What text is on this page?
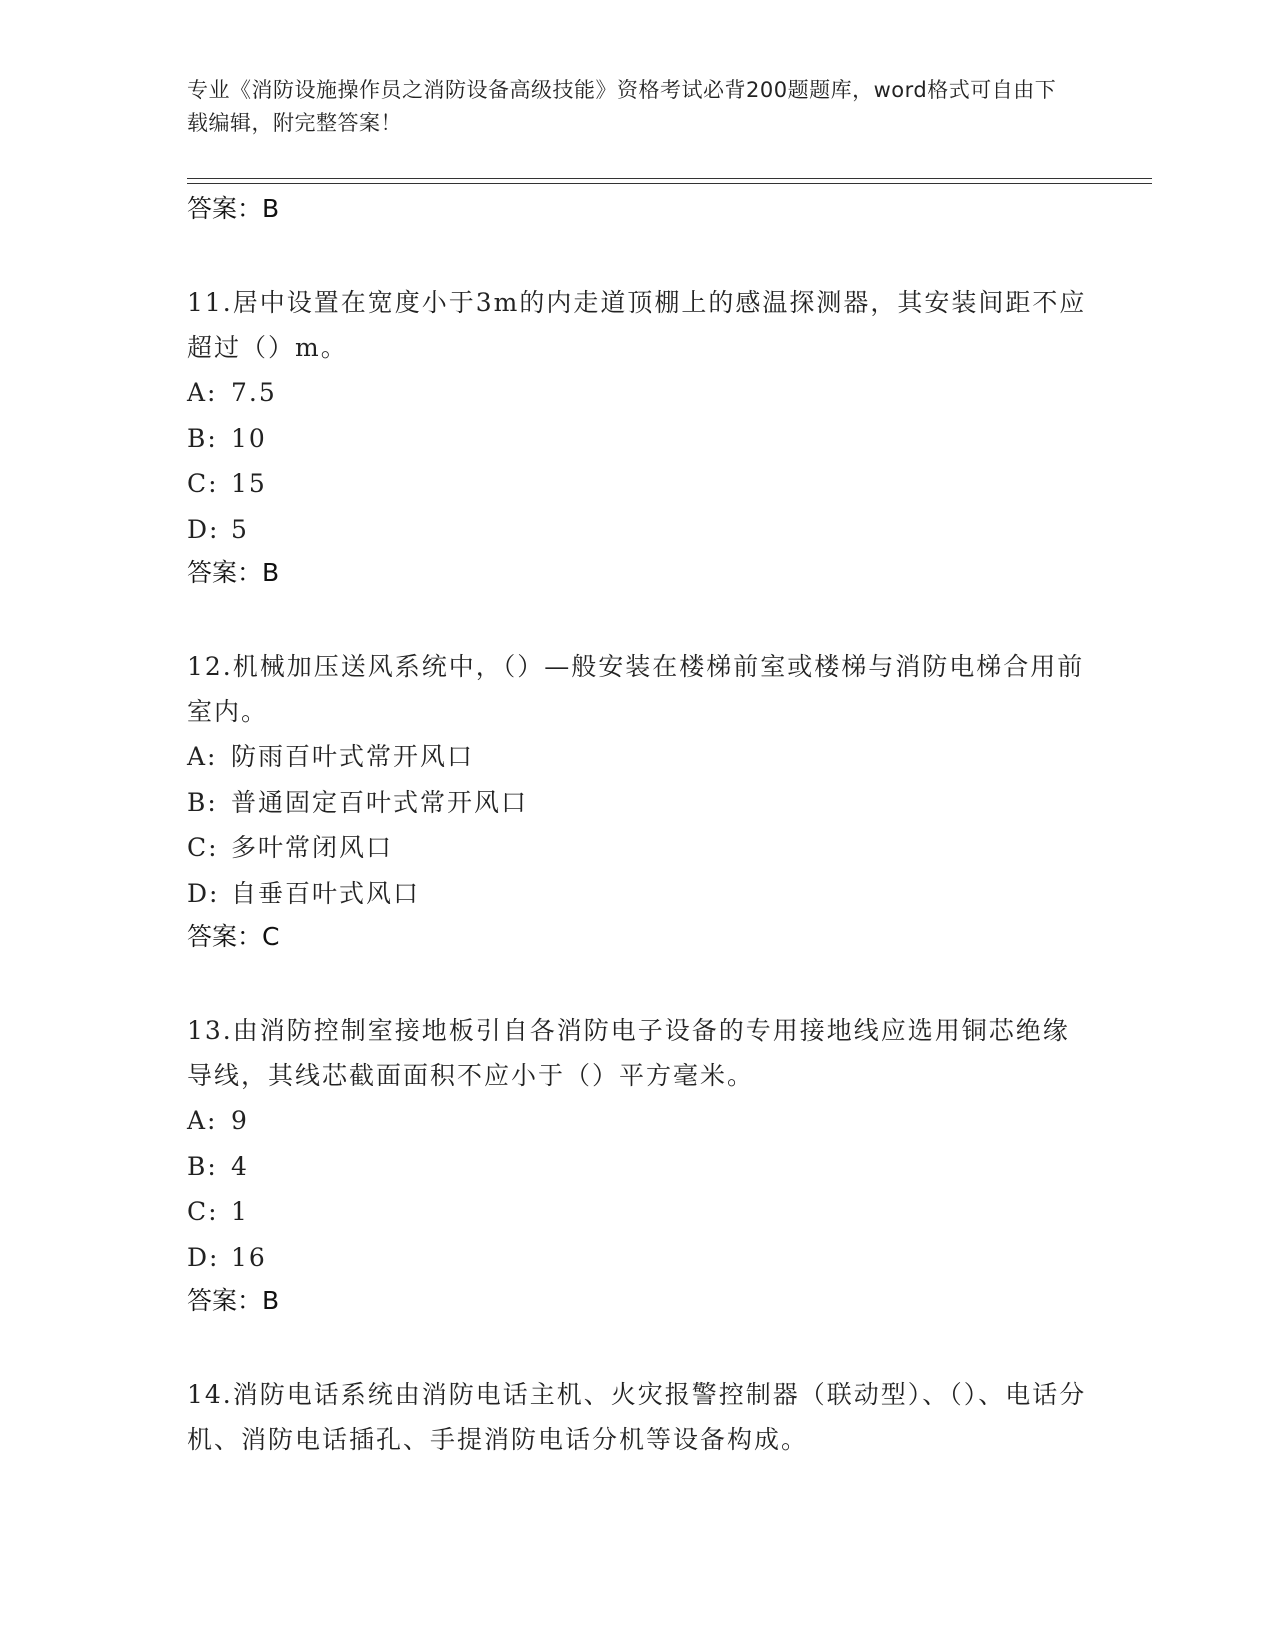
专业《消防设施操作员之消防设备高级技能》资格考试必背200题题库，word格式可自由下载编辑，附完整答案！
答案：B
11.居中设置在宽度小于3m的内走道顶棚上的感温探测器，其安装间距不应超过（）m。
A: 7.5
B: 10
C: 15
D: 5
答案：B
12.机械加压送风系统中，（）—般安装在楼梯前室或楼梯与消防电梯合用前室内。
A: 防雨百叶式常开风口
B: 普通固定百叶式常开风口
C: 多叶常闭风口
D: 自垂百叶式风口
答案：C
13.由消防控制室接地板引自各消防电子设备的专用接地线应选用铜芯绝缘导线，其线芯截面面积不应小于（）平方毫米。
A: 9
B: 4
C: 1
D: 16
答案：B
14.消防电话系统由消防电话主机、火灾报警控制器（联动型）、（）、电话分机、消防电话插孔、手提消防电话分机等设备构成。
